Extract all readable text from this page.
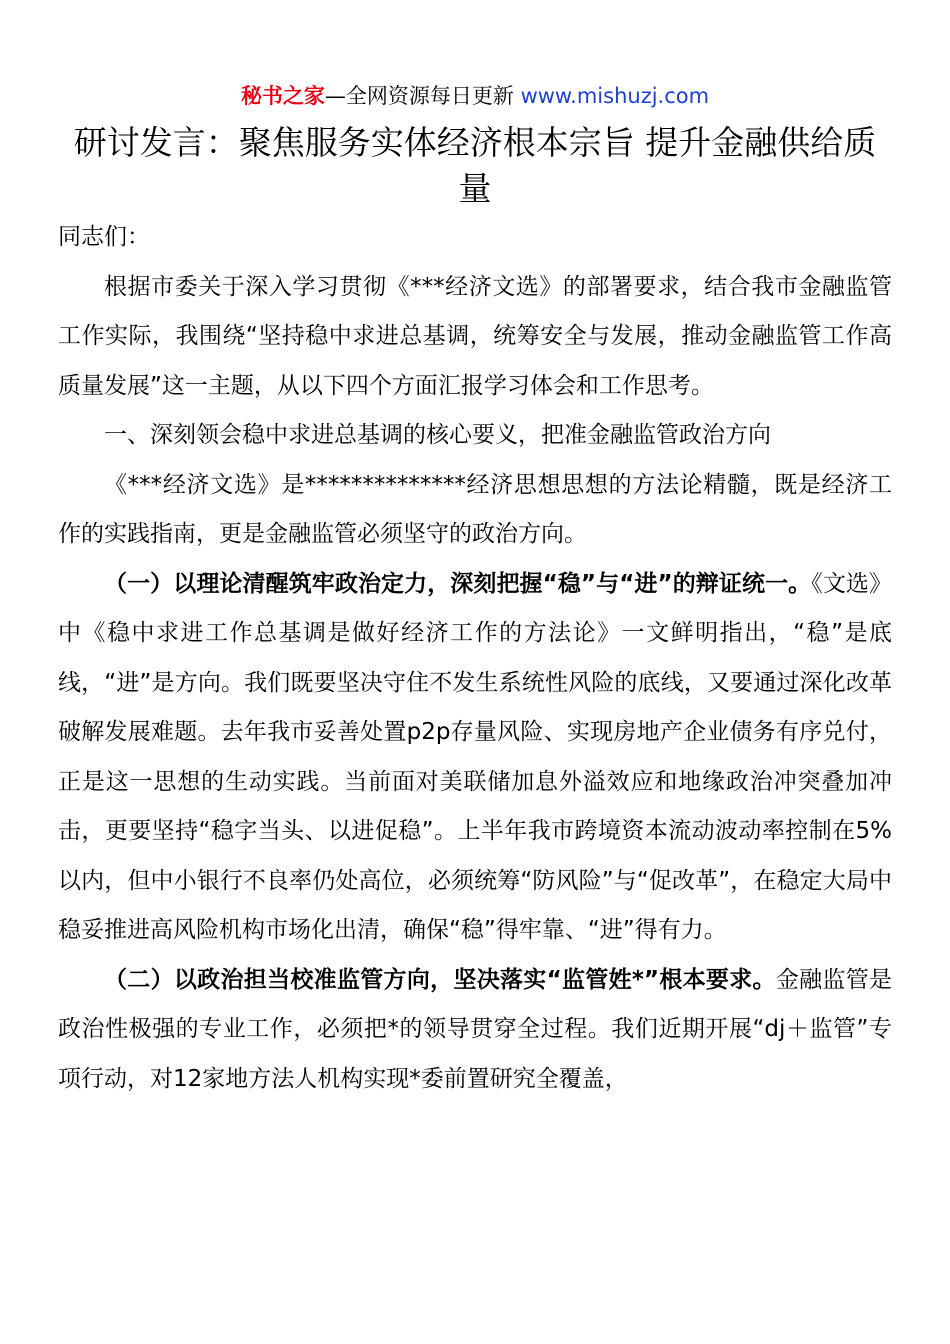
秘书之家—全网资源每日更新 www.mishuzj.com
研讨发言：聚焦服务实体经济根本宗旨 提升金融供给质量

同志们：

根据市委关于深入学习贯彻《***经济文选》的部署要求，结合我市金融监管工作实际，我围绕“坚持稳中求进总基调，统筹安全与发展，推动金融监管工作高质量发展”这一主题，从以下四个方面汇报学习体会和工作思考。

一、深刻领会稳中求进总基调的核心要义，把准金融监管政治方向

《***经济文选》是**************经济思想思想的方法论精髓，既是经济工作的实践指南，更是金融监管必须坚守的政治方向。

（一）以理论清醒筑牢政治定力，深刻把握“稳”与“进”的辩证统一。《文选》中《稳中求进工作总基调是做好经济工作的方法论》一文鲜明指出，“稳”是底线，“进”是方向。我们既要坚决守住不发生系统性风险的底线，又要通过深化改革破解发展难题。去年我市妥善处置p2p存量风险、实现房地产企业债务有序兑付，正是这一思想的生动实践。当前面对美联储加息外溢效应和地缘政治冲突叠加冲击，更要坚持“稳字当头、以进促稳”。上半年我市跨境资本流动波动率控制在5%以内，但中小银行不良率仍处高位，必须统筹“防风险”与“促改革”，在稳定大局中稳妥推进高风险机构市场化出清，确保“稳”得牢靠、“进”得有力。

（二）以政治担当校准监管方向，坚决落实“监管姓*”根本要求。金融监管是政治性极强的专业工作，必须把*的领导贯穿全过程。我们近期开展“dj＋监管”专项行动，对12家地方法人机构实现*委前置研究全覆盖，
